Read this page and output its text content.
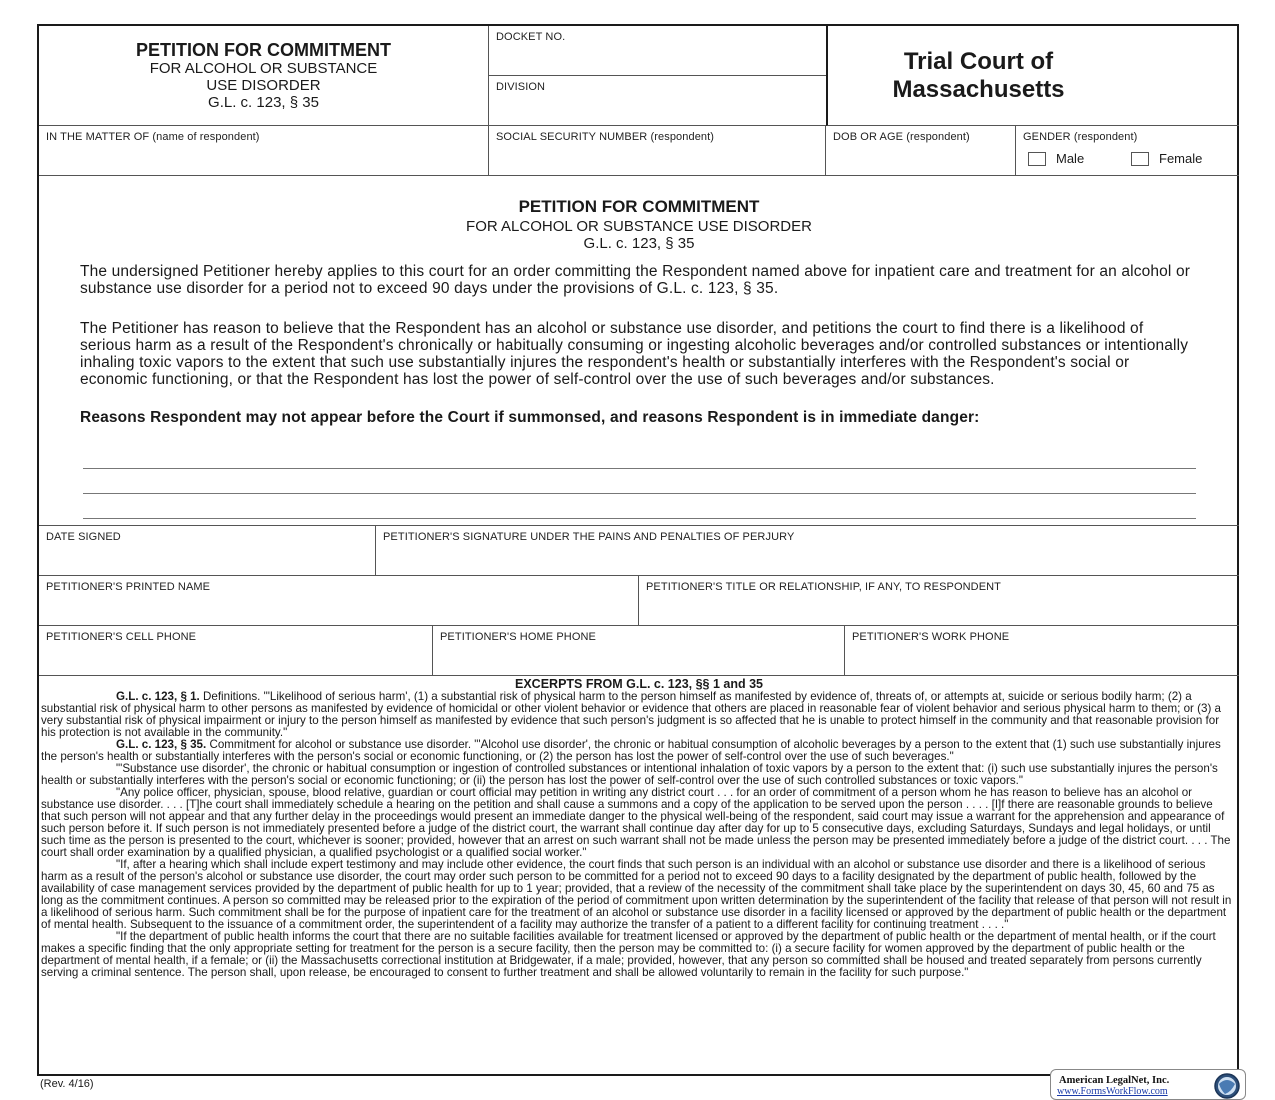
PETITION FOR COMMITMENT
FOR ALCOHOL OR SUBSTANCE
USE DISORDER
G.L. c. 123, § 35
DOCKET NO.
DIVISION
Trial Court of
Massachusetts
IN THE MATTER OF (name of respondent)	SOCIAL SECURITY NUMBER (respondent)	DOB OR AGE (respondent)	GENDER (respondent)
Male	Female
PETITION FOR COMMITMENT
FOR ALCOHOL OR SUBSTANCE USE DISORDER
G.L. c. 123, § 35
The undersigned Petitioner hereby applies to this court for an order committing the Respondent named above for inpatient care and treatment for an alcohol or substance use disorder for a period not to exceed 90 days under the provisions of G.L. c. 123, § 35.
The Petitioner has reason to believe that the Respondent has an alcohol or substance use disorder, and petitions the court to find there is a likelihood of serious harm as a result of the Respondent's chronically or habitually consuming or ingesting alcoholic beverages and/or controlled substances or intentionally inhaling toxic vapors to the extent that such use substantially injures the respondent's health or substantially interferes with the Respondent's social or economic functioning, or that the Respondent has lost the power of self-control over the use of such beverages and/or substances.
Reasons Respondent may not appear before the Court if summonsed, and reasons Respondent is in immediate danger:
DATE SIGNED	PETITIONER'S SIGNATURE UNDER THE PAINS AND PENALTIES OF PERJURY
PETITIONER'S PRINTED NAME	PETITIONER'S TITLE OR RELATIONSHIP, IF ANY, TO RESPONDENT
PETITIONER'S CELL PHONE	PETITIONER'S HOME PHONE	PETITIONER'S WORK PHONE
EXCERPTS FROM G.L. c. 123, §§ 1 and 35

G.L. c. 123, § 1. Definitions. "'Likelihood of serious harm', (1) a substantial risk of physical harm to the person himself as manifested by evidence of, threats of, or attempts at, suicide or serious bodily harm; (2) a substantial risk of physical harm to other persons as manifested by evidence of homicidal or other violent behavior or evidence that others are placed in reasonable fear of violent behavior and serious physical harm to them; or (3) a very substantial risk of physical impairment or injury to the person himself as manifested by evidence that such person's judgment is so affected that he is unable to protect himself in the community and that reasonable provision for his protection is not available in the community."

G.L. c. 123, § 35. Commitment for alcohol or substance use disorder. "'Alcohol use disorder', the chronic or habitual consumption of alcoholic beverages by a person to the extent that (1) such use substantially injures the person's health or substantially interferes with the person's social or economic functioning, or (2) the person has lost the power of self-control over the use of such beverages."

"'Substance use disorder', the chronic or habitual consumption or ingestion of controlled substances or intentional inhalation of toxic vapors by a person to the extent that: (i) such use substantially injures the person's health or substantially interferes with the person's social or economic functioning; or (ii) the person has lost the power of self-control over the use of such controlled substances or toxic vapors."

"Any police officer, physician, spouse, blood relative, guardian or court official may petition in writing any district court . . . for an order of commitment of a person whom he has reason to believe has an alcohol or substance use disorder. . . . [T]he court shall immediately schedule a hearing on the petition and shall cause a summons and a copy of the application to be served upon the person . . . . [I]f there are reasonable grounds to believe that such person will not appear and that any further delay in the proceedings would present an immediate danger to the physical well-being of the respondent, said court may issue a warrant for the apprehension and appearance of such person before it. If such person is not immediately presented before a judge of the district court, the warrant shall continue day after day for up to 5 consecutive days, excluding Saturdays, Sundays and legal holidays, or until such time as the person is presented to the court, whichever is sooner; provided, however that an arrest on such warrant shall not be made unless the person may be presented immediately before a judge of the district court. . . . The court shall order examination by a qualified physician, a qualified psychologist or a qualified social worker."

"If, after a hearing which shall include expert testimony and may include other evidence, the court finds that such person is an individual with an alcohol or substance use disorder and there is a likelihood of serious harm as a result of the person's alcohol or substance use disorder, the court may order such person to be committed for a period not to exceed 90 days to a facility designated by the department of public health, followed by the availability of case management services provided by the department of public health for up to 1 year; provided, that a review of the necessity of the commitment shall take place by the superintendent on days 30, 45, 60 and 75 as long as the commitment continues. A person so committed may be released prior to the expiration of the period of commitment upon written determination by the superintendent of the facility that release of that person will not result in a likelihood of serious harm. Such commitment shall be for the purpose of inpatient care for the treatment of an alcohol or substance use disorder in a facility licensed or approved by the department of public health or the department of mental health. Subsequent to the issuance of a commitment order, the superintendent of a facility may authorize the transfer of a patient to a different facility for continuing treatment . . . ."

"If the department of public health informs the court that there are no suitable facilities available for treatment licensed or approved by the department of public health or the department of mental health, or if the court makes a specific finding that the only appropriate setting for treatment for the person is a secure facility, then the person may be committed to: (i) a secure facility for women approved by the department of public health or the department of mental health, if a female; or (ii) the Massachusetts correctional institution at Bridgewater, if a male; provided, however, that any person so committed shall be housed and treated separately from persons currently serving a criminal sentence. The person shall, upon release, be encouraged to consent to further treatment and shall be allowed voluntarily to remain in the facility for such purpose."

(Rev. 4/16)	American LegalNet, Inc.
www.FormsWorkFlow.com
